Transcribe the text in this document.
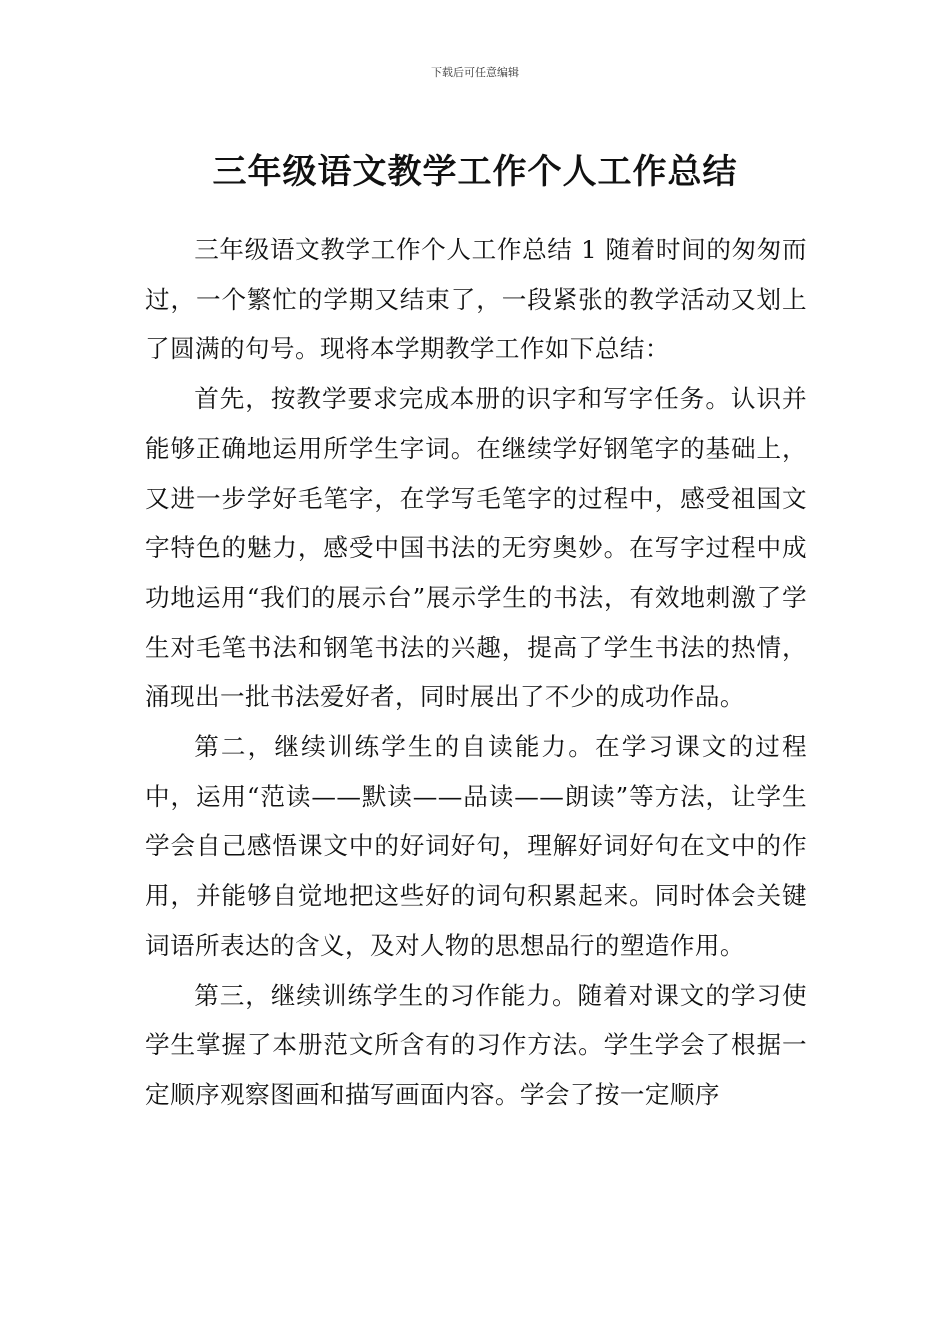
下载后可任意编辑
三年级语文教学工作个人工作总结

三年级语文教学工作个人工作总结 1 随着时间的匆匆而过，一个繁忙的学期又结束了，一段紧张的教学活动又划上了圆满的句号。现将本学期教学工作如下总结：

首先，按教学要求完成本册的识字和写字任务。认识并能够正确地运用所学生字词。在继续学好钢笔字的基础上，又进一步学好毛笔字，在学写毛笔字的过程中，感受祖国文字特色的魅力，感受中国书法的无穷奥妙。在写字过程中成功地运用“我们的展示台”展示学生的书法，有效地刺激了学生对毛笔书法和钢笔书法的兴趣，提高了学生书法的热情，涌现出一批书法爱好者，同时展出了不少的成功作品。

第二，继续训练学生的自读能力。在学习课文的过程中，运用“范读——默读——品读——朗读”等方法，让学生学会自己感悟课文中的好词好句，理解好词好句在文中的作用，并能够自觉地把这些好的词句积累起来。同时体会关键词语所表达的含义，及对人物的思想品行的塑造作用。

第三，继续训练学生的习作能力。随着对课文的学习使学生掌握了本册范文所含有的习作方法。学生学会了根据一定顺序观察图画和描写画面内容。学会了按一定顺序
